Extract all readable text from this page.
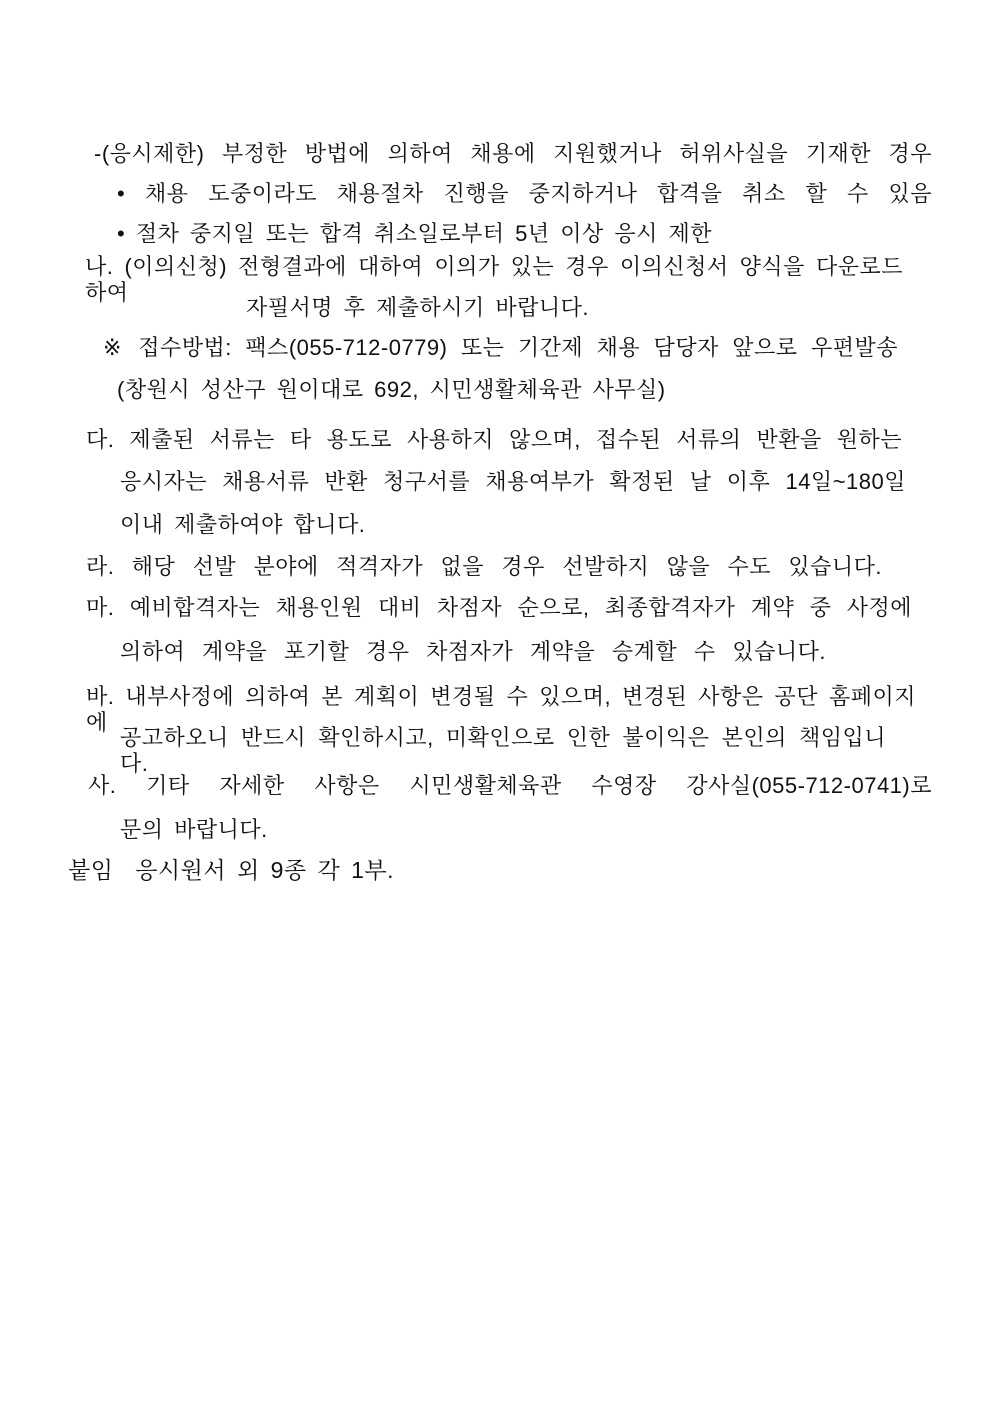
-(응시제한) 부정한 방법에 의하여 채용에 지원했거나 허위사실을 기재한 경우
• 채용 도중이라도 채용절차 진행을 중지하거나 합격을 취소 할 수 있음
• 절차 중지일 또는 합격 취소일로부터 5년 이상 응시 제한
나. (이의신청) 전형결과에 대하여 이의가 있는 경우 이의신청서 양식을 다운로드하여
자필서명 후 제출하시기 바랍니다.
※ 접수방법: 팩스(055-712-0779) 또는 기간제 채용 담당자 앞으로 우편발송
(창원시 성산구 원이대로 692, 시민생활체육관 사무실)
다. 제출된 서류는 타 용도로 사용하지 않으며, 접수된 서류의 반환을 원하는
응시자는 채용서류 반환 청구서를 채용여부가 확정된 날 이후 14일~180일
이내 제출하여야 합니다.
라. 해당 선발 분야에 적격자가 없을 경우 선발하지 않을 수도 있습니다.
마. 예비합격자는 채용인원 대비 차점자 순으로, 최종합격자가 계약 중 사정에
의하여 계약을 포기할 경우 차점자가 계약을 승계할 수 있습니다.
바. 내부사정에 의하여 본 계획이 변경될 수 있으며, 변경된 사항은 공단 홈페이지에
공고하오니 반드시 확인하시고, 미확인으로 인한 불이익은 본인의 책임입니다.
사. 기타 자세한 사항은 시민생활체육관 수영장 강사실(055-712-0741)로
문의 바랍니다.
붙임  응시원서 외 9종 각 1부.
